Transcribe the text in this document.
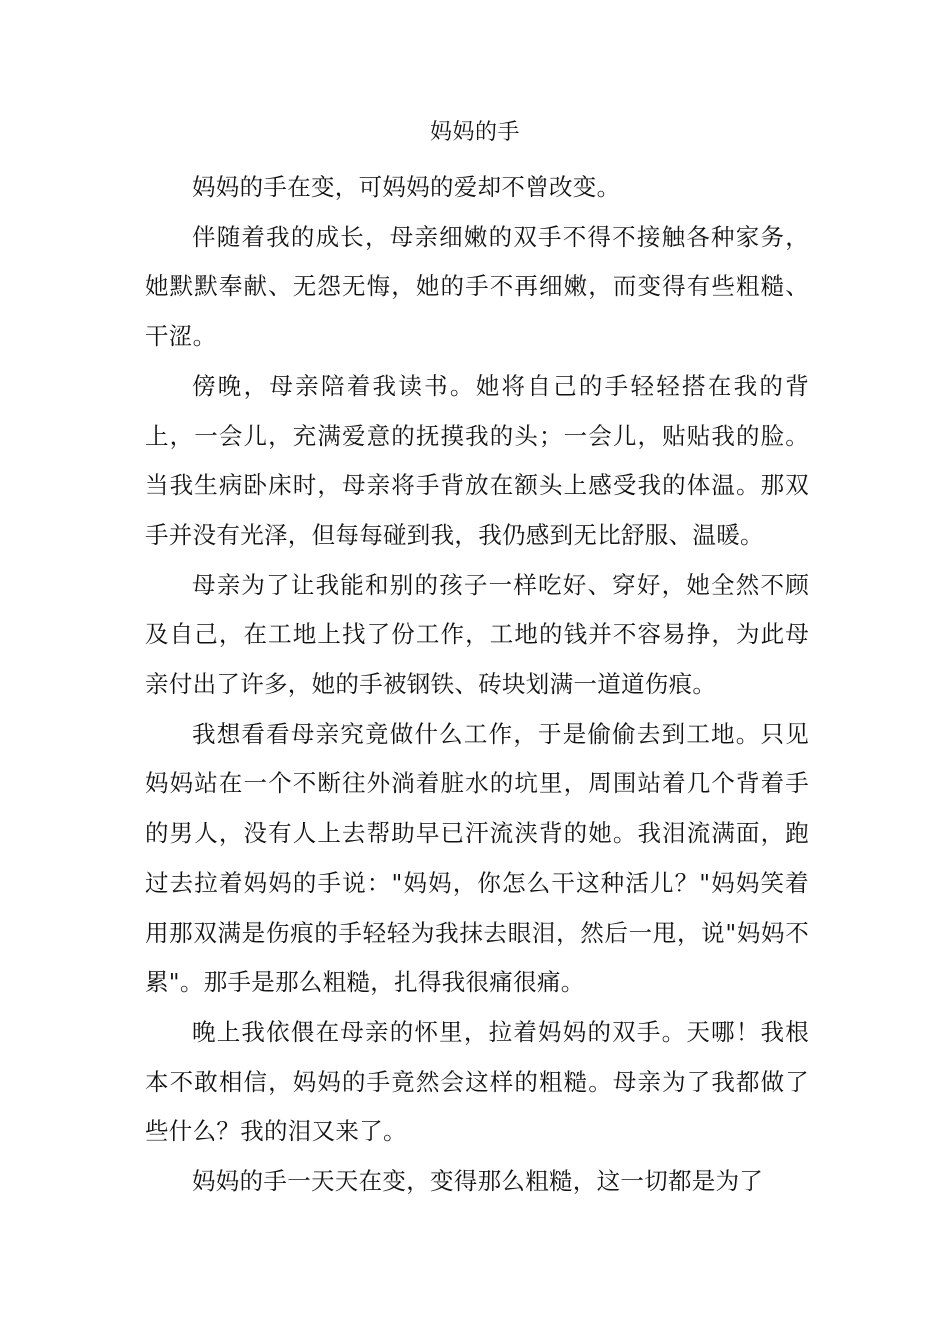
妈妈的手

妈妈的手在变，可妈妈的爱却不曾改变。

伴随着我的成长，母亲细嫩的双手不得不接触各种家务，她默默奉献、无怨无悔，她的手不再细嫩，而变得有些粗糙、干涩。

傍晚，母亲陪着我读书。她将自己的手轻轻搭在我的背上，一会儿，充满爱意的抚摸我的头；一会儿，贴贴我的脸。当我生病卧床时，母亲将手背放在额头上感受我的体温。那双手并没有光泽，但每每碰到我，我仍感到无比舒服、温暖。

母亲为了让我能和别的孩子一样吃好、穿好，她全然不顾及自己，在工地上找了份工作，工地的钱并不容易挣，为此母亲付出了许多，她的手被钢铁、砖块划满一道道伤痕。

我想看看母亲究竟做什么工作，于是偷偷去到工地。只见妈妈站在一个不断往外淌着脏水的坑里，周围站着几个背着手的男人，没有人上去帮助早已汗流浃背的她。我泪流满面，跑过去拉着妈妈的手说："妈妈，你怎么干这种活儿？"妈妈笑着用那双满是伤痕的手轻轻为我抹去眼泪，然后一甩，说"妈妈不累"。那手是那么粗糙，扎得我很痛很痛。

晚上我依偎在母亲的怀里，拉着妈妈的双手。天哪！我根本不敢相信，妈妈的手竟然会这样的粗糙。母亲为了我都做了些什么？我的泪又来了。

妈妈的手一天天在变，变得那么粗糙，这一切都是为了
